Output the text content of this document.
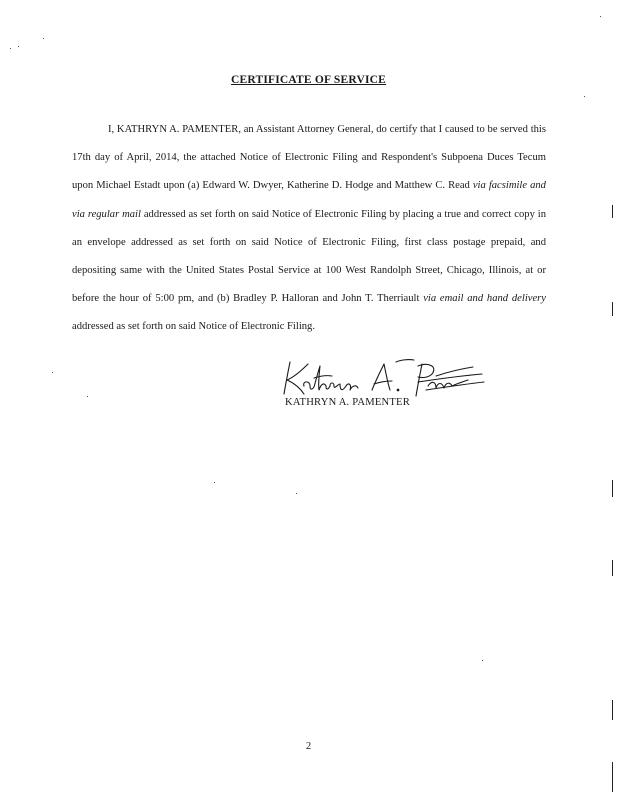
CERTIFICATE OF SERVICE

I, KATHRYN A. PAMENTER, an Assistant Attorney General, do certify that I caused to be served this 17th day of April, 2014, the attached Notice of Electronic Filing and Respondent's Subpoena Duces Tecum upon Michael Estadt upon (a) Edward W. Dwyer, Katherine D. Hodge and Matthew C. Read via facsimile and via regular mail addressed as set forth on said Notice of Electronic Filing by placing a true and correct copy in an envelope addressed as set forth on said Notice of Electronic Filing, first class postage prepaid, and depositing same with the United States Postal Service at 100 West Randolph Street, Chicago, Illinois, at or before the hour of 5:00 pm, and (b) Bradley P. Halloran and John T. Therriault via email and hand delivery addressed as set forth on said Notice of Electronic Filing.

KATHRYN A. PAMENTER
2
